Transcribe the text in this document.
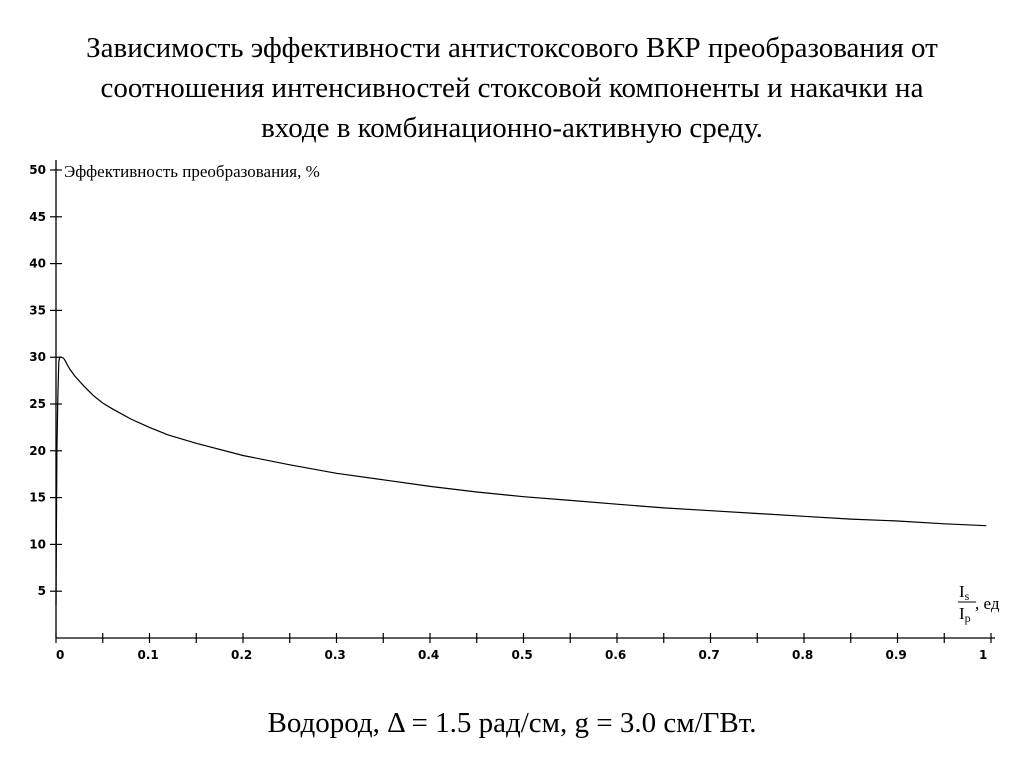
Зависимость эффективности антистоксового ВКР преобразования от
соотношения интенсивностей стоксовой компоненты и накачки на
входе в комбинационно-активную среду.
0	0.1	0.2	0.3	0.4	0.5	0.6	0.7	0.8	0.9	1
5
10
15
20
25
30
35
40
45
50 Эффективность преобразования, %
Is
Ip
, ед
Водород, Δ = 1.5 рад/см, g = 3.0 см/ГВт.
